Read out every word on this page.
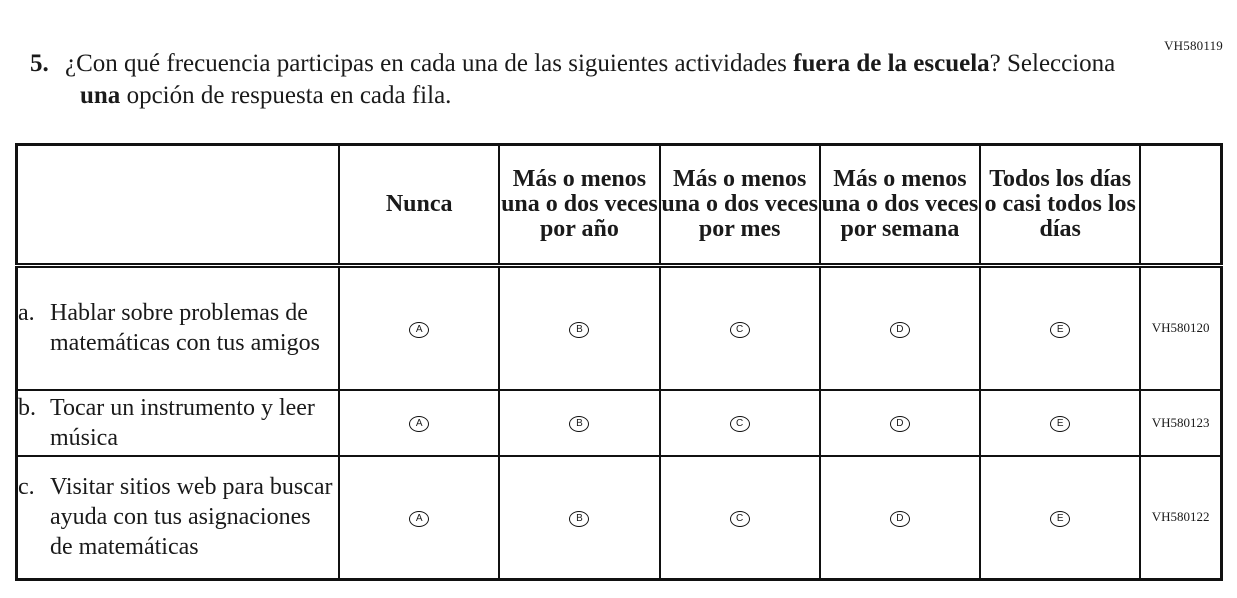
VH580119
5. ¿Con qué frecuencia participas en cada una de las siguientes actividades fuera de la escuela? Selecciona una opción de respuesta en cada fila.
	Nunca	Más o menos una o dos veces por año	Más o menos una o dos veces por mes	Más o menos una o dos veces por semana	Todos los días o casi todos los días	

a. Hablar sobre problemas de matemáticas con tus amigos	A	B	C	D	E	VH580120

b. Tocar un instrumento y leer música	A	B	C	D	E	VH580123

c. Visitar sitios web para buscar ayuda con tus asignaciones de matemáticas	A	B	C	D	E	VH580122
